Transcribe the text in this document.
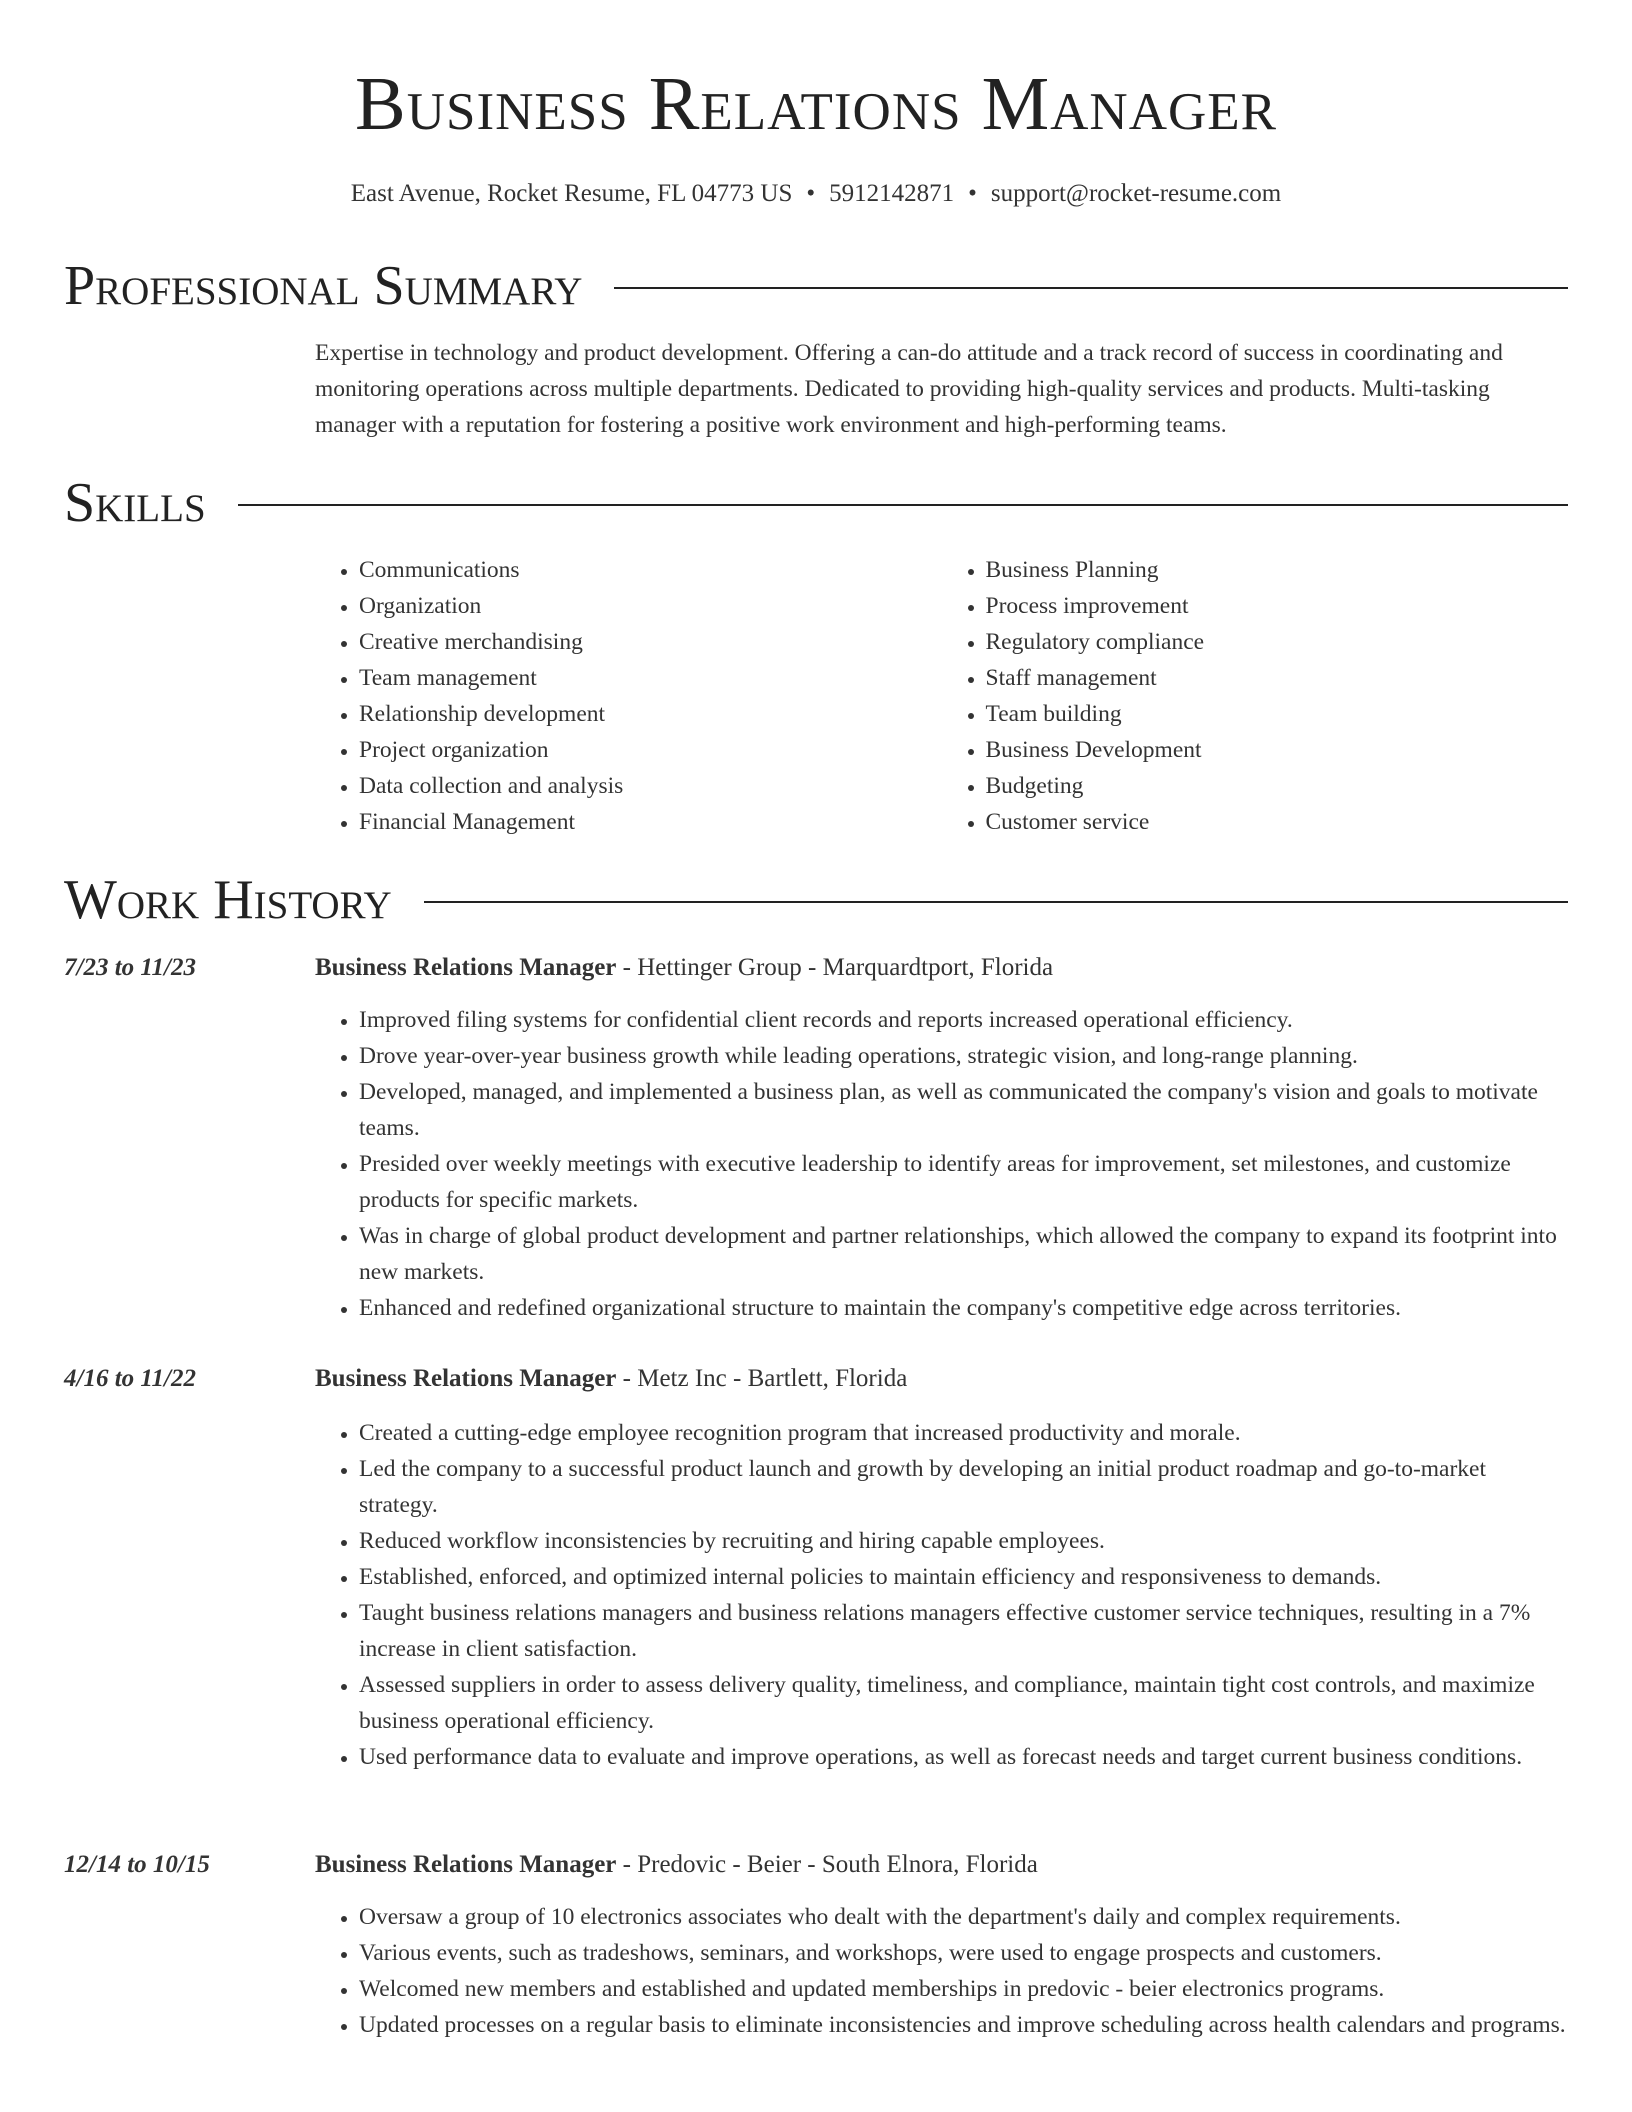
Business Relations Manager
East Avenue, Rocket Resume, FL 04773 US • 5912142871 • support@rocket-resume.com
Professional Summary
Expertise in technology and product development. Offering a can-do attitude and a track record of success in coordinating and monitoring operations across multiple departments. Dedicated to providing high-quality services and products. Multi-tasking manager with a reputation for fostering a positive work environment and high-performing teams.
Skills
• Communications
• Organization
• Creative merchandising
• Team management
• Relationship development
• Project organization
• Data collection and analysis
• Financial Management
• Business Planning
• Process improvement
• Regulatory compliance
• Staff management
• Team building
• Business Development
• Budgeting
• Customer service
Work History
7/23 to 11/23	Business Relations Manager - Hettinger Group - Marquardtport, Florida
• Improved filing systems for confidential client records and reports increased operational efficiency.
• Drove year-over-year business growth while leading operations, strategic vision, and long-range planning.
• Developed, managed, and implemented a business plan, as well as communicated the company's vision and goals to motivate teams.
• Presided over weekly meetings with executive leadership to identify areas for improvement, set milestones, and customize products for specific markets.
• Was in charge of global product development and partner relationships, which allowed the company to expand its footprint into new markets.
• Enhanced and redefined organizational structure to maintain the company's competitive edge across territories.
4/16 to 11/22	Business Relations Manager - Metz Inc - Bartlett, Florida
• Created a cutting-edge employee recognition program that increased productivity and morale.
• Led the company to a successful product launch and growth by developing an initial product roadmap and go-to-market strategy.
• Reduced workflow inconsistencies by recruiting and hiring capable employees.
• Established, enforced, and optimized internal policies to maintain efficiency and responsiveness to demands.
• Taught business relations managers and business relations managers effective customer service techniques, resulting in a 7% increase in client satisfaction.
• Assessed suppliers in order to assess delivery quality, timeliness, and compliance, maintain tight cost controls, and maximize business operational efficiency.
• Used performance data to evaluate and improve operations, as well as forecast needs and target current business conditions.
12/14 to 10/15	Business Relations Manager - Predovic - Beier - South Elnora, Florida
• Oversaw a group of 10 electronics associates who dealt with the department's daily and complex requirements.
• Various events, such as tradeshows, seminars, and workshops, were used to engage prospects and customers.
• Welcomed new members and established and updated memberships in predovic - beier electronics programs.
• Updated processes on a regular basis to eliminate inconsistencies and improve scheduling across health calendars and programs.
